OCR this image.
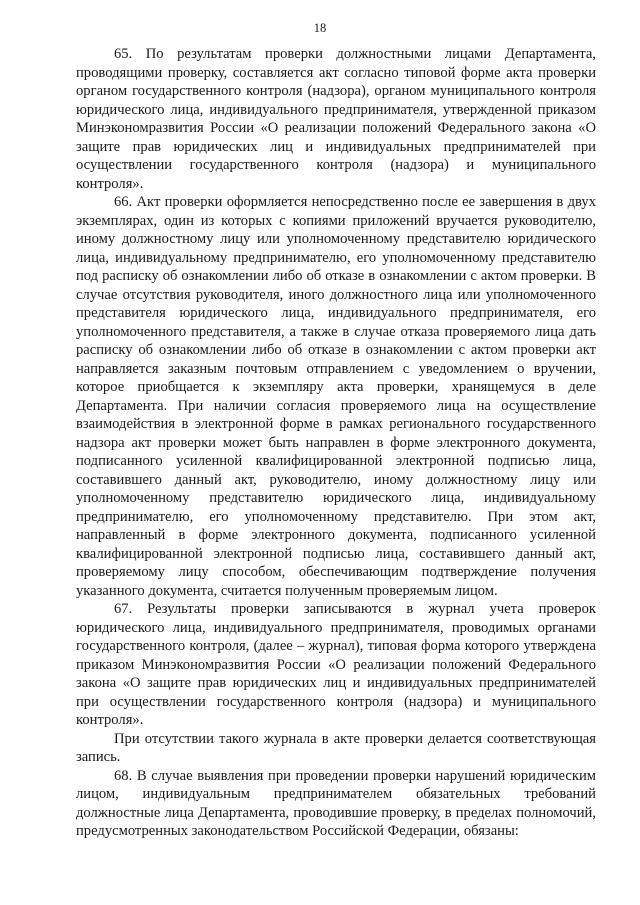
18

65. По результатам проверки должностными лицами Департамента, проводящими проверку, составляется акт согласно типовой форме акта проверки органом государственного контроля (надзора), органом муниципального контроля юридического лица, индивидуального предпринимателя, утвержденной приказом Минэкономразвития России «О реализации положений Федерального закона «О защите прав юридических лиц и индивидуальных предпринимателей при осуществлении государственного контроля (надзора) и муниципального контроля».

66. Акт проверки оформляется непосредственно после ее завершения в двух экземплярах, один из которых с копиями приложений вручается руководителю, иному должностному лицу или уполномоченному представителю юридического лица, индивидуальному предпринимателю, его уполномоченному представителю под расписку об ознакомлении либо об отказе в ознакомлении с актом проверки. В случае отсутствия руководителя, иного должностного лица или уполномоченного представителя юридического лица, индивидуального предпринимателя, его уполномоченного представителя, а также в случае отказа проверяемого лица дать расписку об ознакомлении либо об отказе в ознакомлении с актом проверки акт направляется заказным почтовым отправлением с уведомлением о вручении, которое приобщается к экземпляру акта проверки, хранящемуся в деле Департамента. При наличии согласия проверяемого лица на осуществление взаимодействия в электронной форме в рамках регионального государственного надзора акт проверки может быть направлен в форме электронного документа, подписанного усиленной квалифицированной электронной подписью лица, составившего данный акт, руководителю, иному должностному лицу или уполномоченному представителю юридического лица, индивидуальному предпринимателю, его уполномоченному представителю. При этом акт, направленный в форме электронного документа, подписанного усиленной квалифицированной электронной подписью лица, составившего данный акт, проверяемому лицу способом, обеспечивающим подтверждение получения указанного документа, считается полученным проверяемым лицом.

67. Результаты проверки записываются в журнал учета проверок юридического лица, индивидуального предпринимателя, проводимых органами государственного контроля, (далее – журнал), типовая форма которого утверждена приказом Минэкономразвития России «О реализации положений Федерального закона «О защите прав юридических лиц и индивидуальных предпринимателей при осуществлении государственного контроля (надзора) и муниципального контроля».

При отсутствии такого журнала в акте проверки делается соответствующая запись.

68. В случае выявления при проведении проверки нарушений юридическим лицом, индивидуальным предпринимателем обязательных требований должностные лица Департамента, проводившие проверку, в пределах полномочий, предусмотренных законодательством Российской Федерации, обязаны:
